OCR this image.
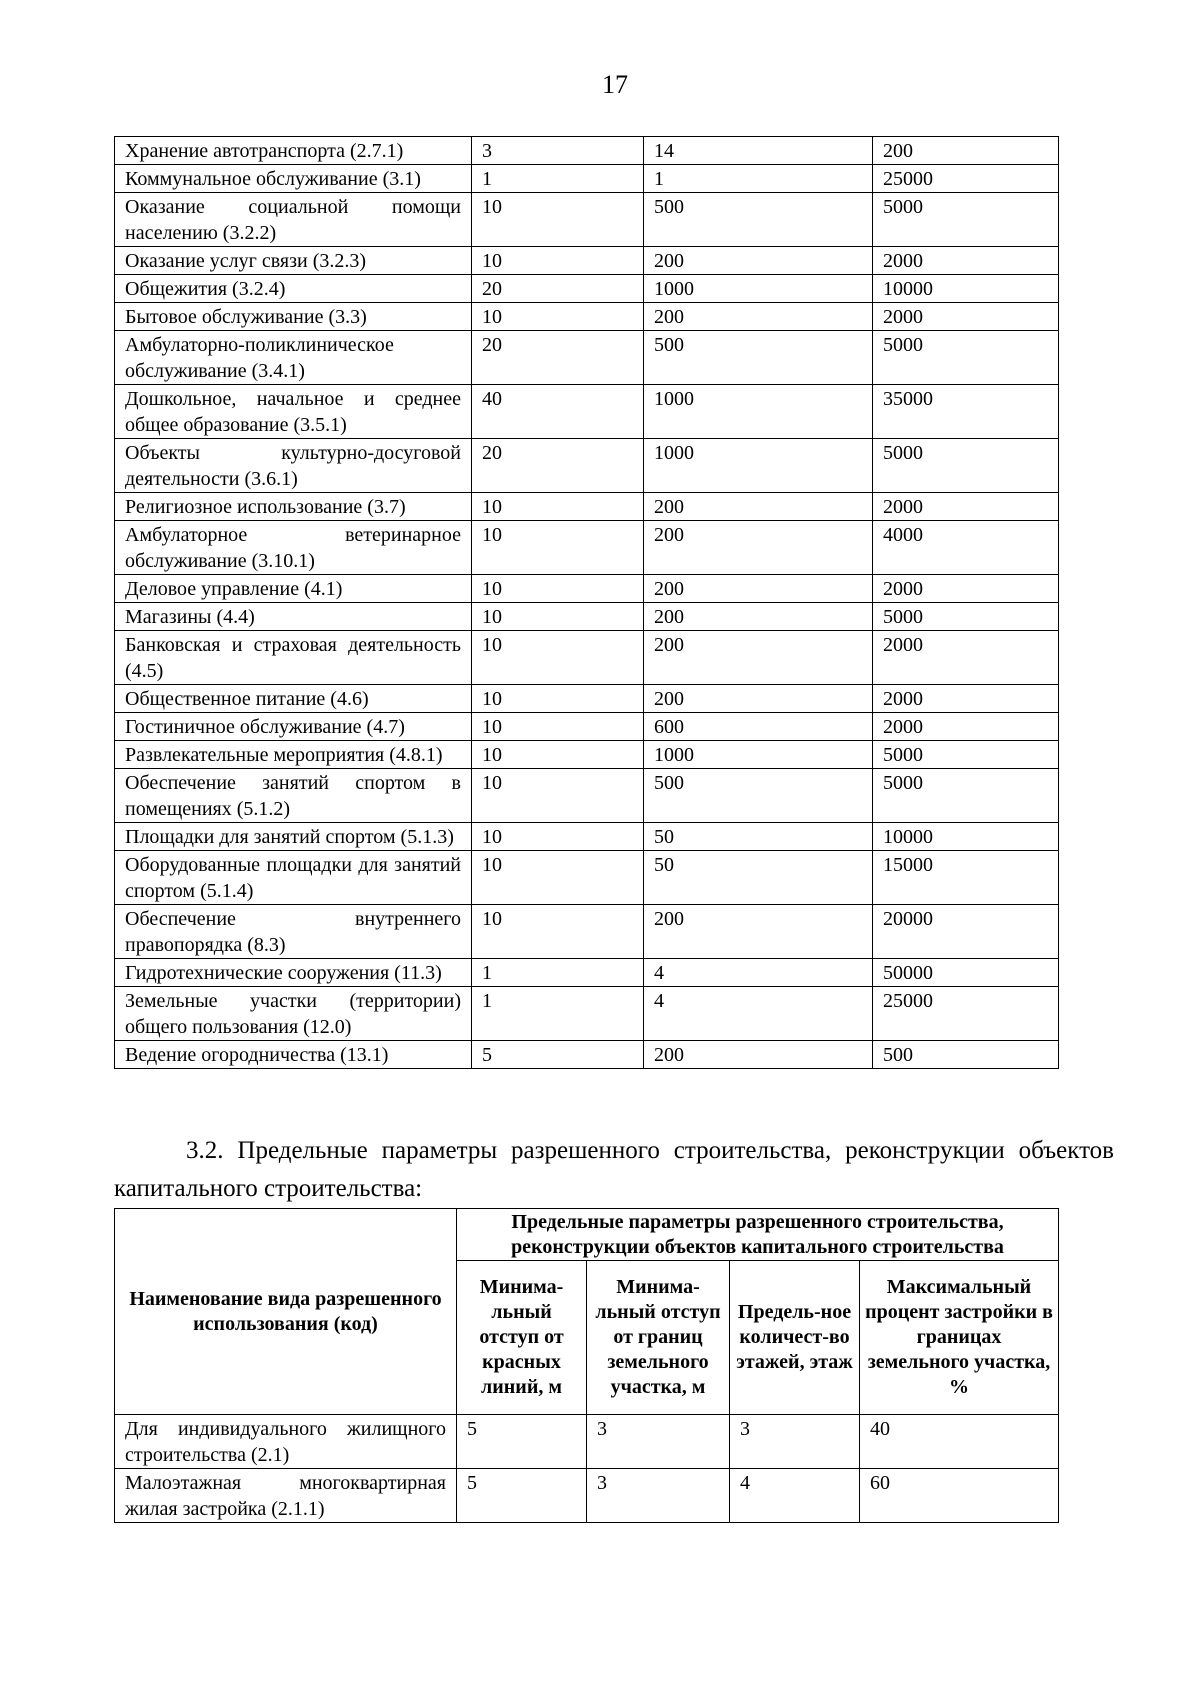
17
Хранение автотранспорта (2.7.1)	3	14	200
Коммунальное обслуживание (3.1)	1	1	25000
Оказание социальной помощи населению (3.2.2)	10	500	5000
Оказание услуг связи (3.2.3)	10	200	2000
Общежития (3.2.4)	20	1000	10000
Бытовое обслуживание (3.3)	10	200	2000
Амбулаторно-поликлиническое обслуживание (3.4.1)	20	500	5000
Дошкольное, начальное и среднее общее образование (3.5.1)	40	1000	35000
Объекты культурно-досуговой деятельности (3.6.1)	20	1000	5000
Религиозное использование (3.7)	10	200	2000
Амбулаторное ветеринарное обслуживание (3.10.1)	10	200	4000
Деловое управление (4.1)	10	200	2000
Магазины (4.4)	10	200	5000
Банковская и страховая деятельность (4.5)	10	200	2000
Общественное питание (4.6)	10	200	2000
Гостиничное обслуживание (4.7)	10	600	2000
Развлекательные мероприятия (4.8.1)	10	1000	5000
Обеспечение занятий спортом в помещениях (5.1.2)	10	500	5000
Площадки для занятий спортом (5.1.3)	10	50	10000
Оборудованные площадки для занятий спортом (5.1.4)	10	50	15000
Обеспечение внутреннего правопорядка (8.3)	10	200	20000
Гидротехнические сооружения (11.3)	1	4	50000
Земельные участки (территории) общего пользования (12.0)	1	4	25000
Ведение огородничества (13.1)	5	200	500
3.2. Предельные параметры разрешенного строительства, реконструкции объектов капитального строительства:
Наименование вида разрешенного использования (код)	Предельные параметры разрешенного строительства, реконструкции объектов капитального строительства			
	Минима-льный отступ от красных линий, м	Минима-льный отступ от границ земельного участка, м	Предель-ное количест-во этажей, этаж	Максимальный процент застройки в границах земельного участка, %
Для индивидуального жилищного строительства (2.1)	5	3	3	40
Малоэтажная многоквартирная жилая застройка (2.1.1)	5	3	4	60
